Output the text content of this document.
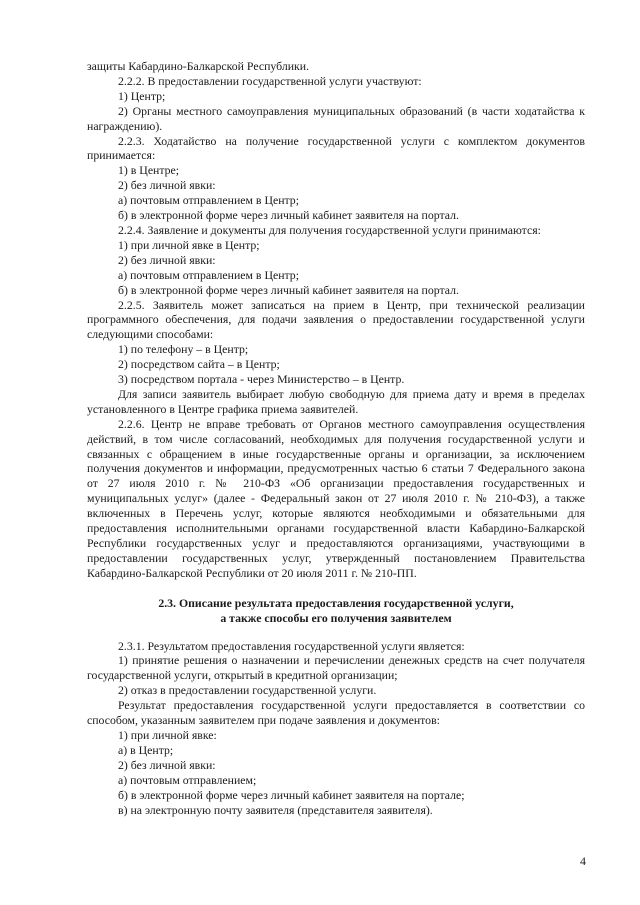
защиты Кабардино-Балкарской Республики.

2.2.2. В предоставлении государственной услуги участвуют:

1) Центр;

2) Органы местного самоуправления муниципальных образований (в части ходатайства к награждению).

2.2.3. Ходатайство на получение государственной услуги с комплектом документов принимается:

1) в Центре;

2) без личной явки:

а) почтовым отправлением в Центр;

б) в электронной форме через личный кабинет заявителя на портал.

2.2.4. Заявление и документы для получения государственной услуги принимаются:

1) при личной явке в Центр;

2) без личной явки:

а) почтовым отправлением в Центр;

б) в электронной форме через личный кабинет заявителя на портал.

2.2.5. Заявитель может записаться на прием в Центр, при технической реализации программного обеспечения, для подачи заявления о предоставлении государственной услуги следующими способами:

1) по телефону – в Центр;

2) посредством сайта – в Центр;

3) посредством портала - через Министерство – в Центр.

Для записи заявитель выбирает любую свободную для приема дату и время в пределах установленного в Центре графика приема заявителей.

2.2.6. Центр не вправе требовать от Органов местного самоуправления осуществления действий, в том числе согласований, необходимых для получения государственной услуги и связанных с обращением в иные государственные органы и организации, за исключением получения документов и информации, предусмотренных частью 6 статьи 7 Федерального закона от 27 июля 2010 г. № 210-ФЗ «Об организации предоставления государственных и муниципальных услуг» (далее - Федеральный закон от 27 июля 2010 г. № 210-ФЗ), а также включенных в Перечень услуг, которые являются необходимыми и обязательными для предоставления исполнительными органами государственной власти Кабардино-Балкарской Республики государственных услуг и предоставляются организациями, участвующими в предоставлении государственных услуг, утвержденный постановлением Правительства Кабардино-Балкарской Республики от 20 июля 2011 г. № 210-ПП.

2.3. Описание результата предоставления государственной услуги,

а также способы его получения заявителем

2.3.1. Результатом предоставления государственной услуги является:

1) принятие решения о назначении и перечислении денежных средств на счет получателя государственной услуги, открытый в кредитной организации;

2) отказ в предоставлении государственной услуги.

Результат предоставления государственной услуги предоставляется в соответствии со способом, указанным заявителем при подаче заявления и документов:

1) при личной явке:

а) в Центр;

2) без личной явки:

а) почтовым отправлением;

б) в электронной форме через личный кабинет заявителя на портале;

в) на электронную почту заявителя (представителя заявителя).

4
